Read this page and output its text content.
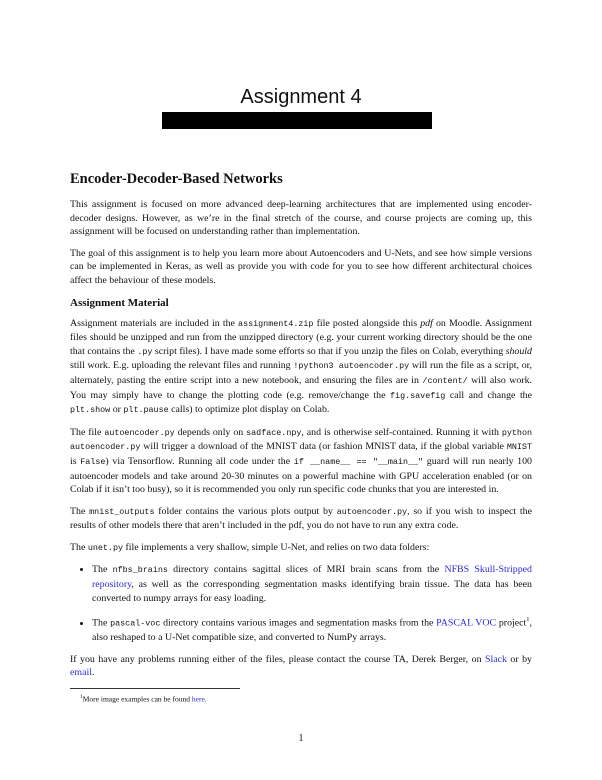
Assignment 4
Encoder-Decoder-Based Networks

This assignment is focused on more advanced deep-learning architectures that are implemented using encoder-decoder designs. However, as we’re in the final stretch of the course, and course projects are coming up, this assignment will be focused on understanding rather than implementation.

The goal of this assignment is to help you learn more about Autoencoders and U-Nets, and see how simple versions can be implemented in Keras, as well as provide you with code for you to see how different architectural choices affect the behaviour of these models.

Assignment Material

Assignment materials are included in the assignment4.zip file posted alongside this pdf on Moodle. Assignment files should be unzipped and run from the unzipped directory (e.g. your current working directory should be the one that contains the .py script files). I have made some efforts so that if you unzip the files on Colab, everything should still work. E.g. uploading the relevant files and running !python3 autoencoder.py will run the file as a script, or, alternately, pasting the entire script into a new notebook, and ensuring the files are in /content/ will also work. You may simply have to change the plotting code (e.g. remove/change the fig.savefig call and change the plt.show or plt.pause calls) to optimize plot display on Colab.

The file autoencoder.py depends only on sadface.npy, and is otherwise self-contained. Running it with python autoencoder.py will trigger a download of the MNIST data (or fashion MNIST data, if the global variable MNIST is False) via Tensorflow. Running all code under the if __name__ == "__main__" guard will run nearly 100 autoencoder models and take around 20-30 minutes on a powerful machine with GPU acceleration enabled (or on Colab if it isn’t too busy), so it is recommended you only run specific code chunks that you are interested in.

The mnist_outputs folder contains the various plots output by autoencoder.py, so if you wish to inspect the results of other models there that aren’t included in the pdf, you do not have to run any extra code.

The unet.py file implements a very shallow, simple U-Net, and relies on two data folders:

• The nfbs_brains directory contains sagittal slices of MRI brain scans from the NFBS Skull-Stripped repository, as well as the corresponding segmentation masks identifying brain tissue. The data has been converted to numpy arrays for easy loading.
• The pascal-voc directory contains various images and segmentation masks from the PASCAL VOC project$^1$, also reshaped to a U-Net compatible size, and converted to NumPy arrays.

If you have any problems running either of the files, please contact the course TA, Derek Berger, on Slack or by email.

$^1$More image examples can be found here.
1
